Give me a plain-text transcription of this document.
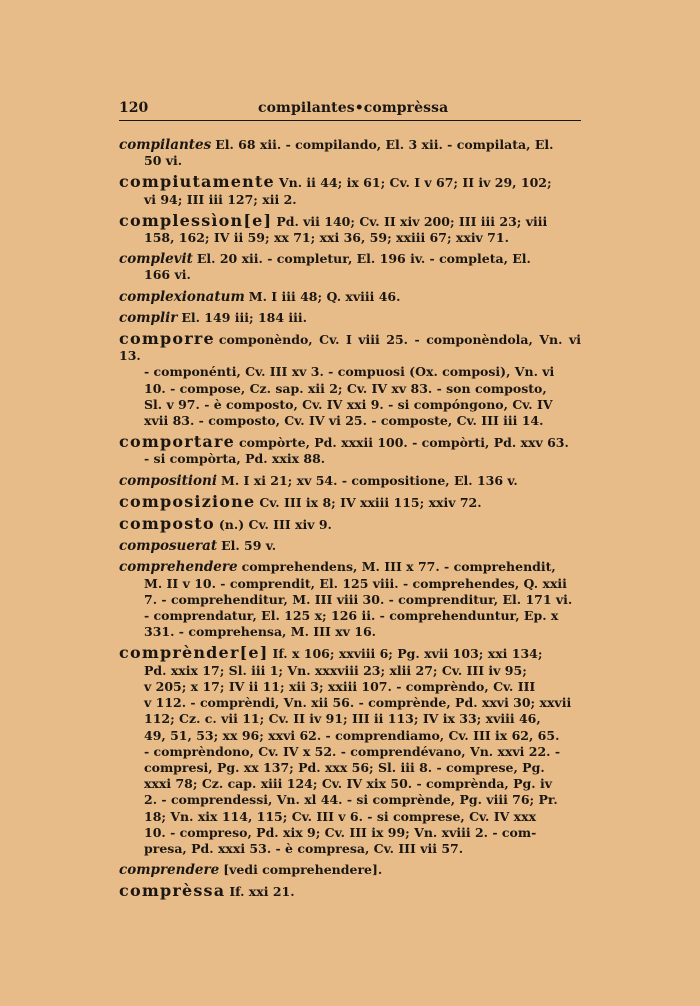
120	compilantes•comprèssa
compilantes El. 68 xii. - compilando, El. 3 xii. - compilata, El.
50 vi.
compiutamente Vn. ii 44; ix 61; Cv. I v 67; II iv 29, 102;
vi 94; III iii 127; xii 2.
complessìon[e] Pd. vii 140; Cv. II xiv 200; III iii 23; viii
158, 162; IV ii 59; xx 71; xxi 36, 59; xxiii 67; xxiv 71.
complevit El. 20 xii. - completur, El. 196 iv. - completa, El.
166 vi.
complexionatum M. I iii 48; Q. xviii 46.
complir El. 149 iii; 184 iii.
comporre componèndo, Cv. I viii 25. - componèndola, Vn. vi 13.
- componénti, Cv. III xv 3. - compuosi (Ox. composi), Vn. vi
10. - compose, Cz. sap. xii 2; Cv. IV xv 83. - son composto,
Sl. v 97. - è composto, Cv. IV xxi 9. - si compóngono, Cv. IV
xvii 83. - composto, Cv. IV vi 25. - composte, Cv. III iii 14.
comportare compòrte, Pd. xxxii 100. - compòrti, Pd. xxv 63.
- si compòrta, Pd. xxix 88.
compositioni M. I xi 21; xv 54. - compositione, El. 136 v.
composizione Cv. III ix 8; IV xxiii 115; xxiv 72.
composto (n.) Cv. III xiv 9.
composuerat El. 59 v.
comprehendere comprehendens, M. III x 77. - comprehendit,
M. II v 10. - comprendit, El. 125 viii. - comprehendes, Q. xxii
7. - comprehenditur, M. III viii 30. - comprenditur, El. 171 vi.
- comprendatur, El. 125 x; 126 ii. - comprehenduntur, Ep. x
331. - comprehensa, M. III xv 16.
comprènder[e] If. x 106; xxviii 6; Pg. xvii 103; xxi 134;
Pd. xxix 17; Sl. iii 1; Vn. xxxviii 23; xlii 27; Cv. III iv 95;
v 205; x 17; IV ii 11; xii 3; xxiii 107. - comprèndo, Cv. III
v 112. - comprèndi, Vn. xii 56. - comprènde, Pd. xxvi 30; xxvii
112; Cz. c. vii 11; Cv. II iv 91; III ii 113; IV ix 33; xviii 46,
49, 51, 53; xx 96; xxvi 62. - comprendiamo, Cv. III ix 62, 65.
- comprèndono, Cv. IV x 52. - comprendévano, Vn. xxvi 22. -
compresi, Pg. xx 137; Pd. xxx 56; Sl. iii 8. - comprese, Pg.
xxxi 78; Cz. cap. xiii 124; Cv. IV xix 50. - comprènda, Pg. iv
2. - comprendessi, Vn. xl 44. - si comprènde, Pg. viii 76; Pr.
18; Vn. xix 114, 115; Cv. III v 6. - si comprese, Cv. IV xxx
10. - compreso, Pd. xix 9; Cv. III ix 99; Vn. xviii 2. - com-
presa, Pd. xxxi 53. - è compresa, Cv. III vii 57.
comprendere [vedi comprehendere].
comprèssa If. xxi 21.
